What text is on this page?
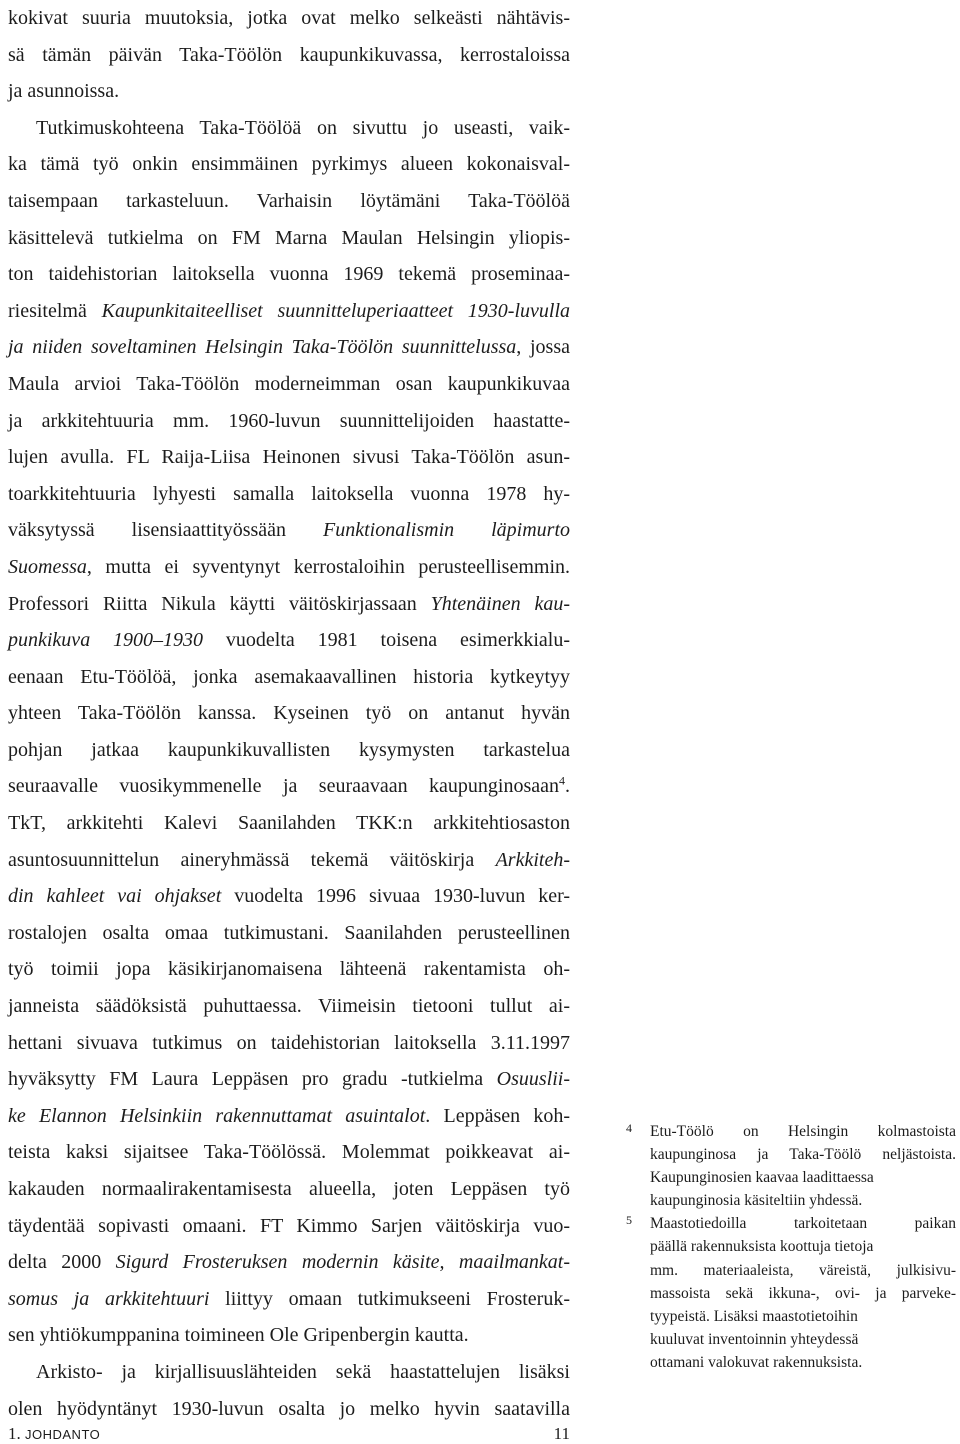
kokivat suuria muutoksia, jotka ovat melko selkeästi nähtävis-
sä tämän päivän Taka-Töölön kaupunkikuvassa, kerrostaloissa
ja asunnoissa.
Tutkimuskohteena Taka-Töölöä on sivuttu jo useasti, vaik-
ka tämä työ onkin ensimmäinen pyrkimys alueen kokonaisval-
taisempaan tarkasteluun. Varhaisin löytämäni Taka-Töölöä
käsittelevä tutkielma on FM Marna Maulan Helsingin yliopis-
ton taidehistorian laitoksella vuonna 1969 tekemä proseminaa-
riesitelmä Kaupunkitaiteelliset suunnitteluperiaatteet 1930-luvulla
ja niiden soveltaminen Helsingin Taka-Töölön suunnittelussa, jossa
Maula arvioi Taka-Töölön moderneimman osan kaupunkikuvaa
ja arkkitehtuuria mm. 1960-luvun suunnittelijoiden haastatte-
lujen avulla. FL Raija-Liisa Heinonen sivusi Taka-Töölön asun-
toarkkitehtuuria lyhyesti samalla laitoksella vuonna 1978 hy-
väksytyssä lisensiaattityössään Funktionalismin läpimurto
Suomessa, mutta ei syventynyt kerrostaloihin perusteellisemmin.
Professori Riitta Nikula käytti väitöskirjassaan Yhtenäinen kau-
punkikuva 1900–1930 vuodelta 1981 toisena esimerkkialu-
eenaan Etu-Töölöä, jonka asemakaavallinen historia kytkeytyy
yhteen Taka-Töölön kanssa. Kyseinen työ on antanut hyvän
pohjan jatkaa kaupunkikuvallisten kysymysten tarkastelua
seuraavalle vuosikymmenelle ja seuraavaan kaupunginosaan$^4$.
TkT, arkkitehti Kalevi Saanilahden TKK:n arkkitehtiosaston
asuntosuunnittelun aineryhmässä tekemä väitöskirja Arkkiteh-
din kahleet vai ohjakset vuodelta 1996 sivuaa 1930-luvun ker-
rostalojen osalta omaa tutkimustani. Saanilahden perusteellinen
työ toimii jopa käsikirjanomaisena lähteenä rakentamista oh-
janneista säädöksistä puhuttaessa. Viimeisin tietooni tullut ai-
hettani sivuava tutkimus on taidehistorian laitoksella 3.11.1997
hyväksytty FM Laura Leppäsen pro gradu -tutkielma Osuuslii-
ke Elannon Helsinkiin rakennuttamat asuintalot. Leppäsen koh-
teista kaksi sijaitsee Taka-Töölössä. Molemmat poikkeavat ai-
kakauden normaalirakentamisesta alueella, joten Leppäsen työ
täydentää sopivasti omaani. FT Kimmo Sarjen väitöskirja vuo-
delta 2000 Sigurd Frosteruksen modernin käsite, maailmankat-
somus ja arkkitehtuuri liittyy omaan tutkimukseeni Frosteruk-
sen yhtiökumppanina toimineen Ole Gripenbergin kautta.
Arkisto- ja kirjallisuuslähteiden sekä haastattelujen lisäksi
olen hyödyntänyt 1930-luvun osalta jo melko hyvin saatavilla
4 Etu-Töölö on Helsingin kolmastoista
kaupunginosa ja Taka-Töölö neljästoista.
Kaupunginosien kaavaa laadittaessa
kaupunginosia käsiteltiin yhdessä.
5 Maastotiedoilla tarkoitetaan paikan
päällä rakennuksista koottuja tietoja
mm. materiaaleista, väreistä, julkisivu-
massoista sekä ikkuna-, ovi- ja parveke-
tyypeistä. Lisäksi maastotietoihin
kuuluvat inventoinnin yhteydessä
ottamani valokuvat rakennuksista.
1. JOHDANTO	11
